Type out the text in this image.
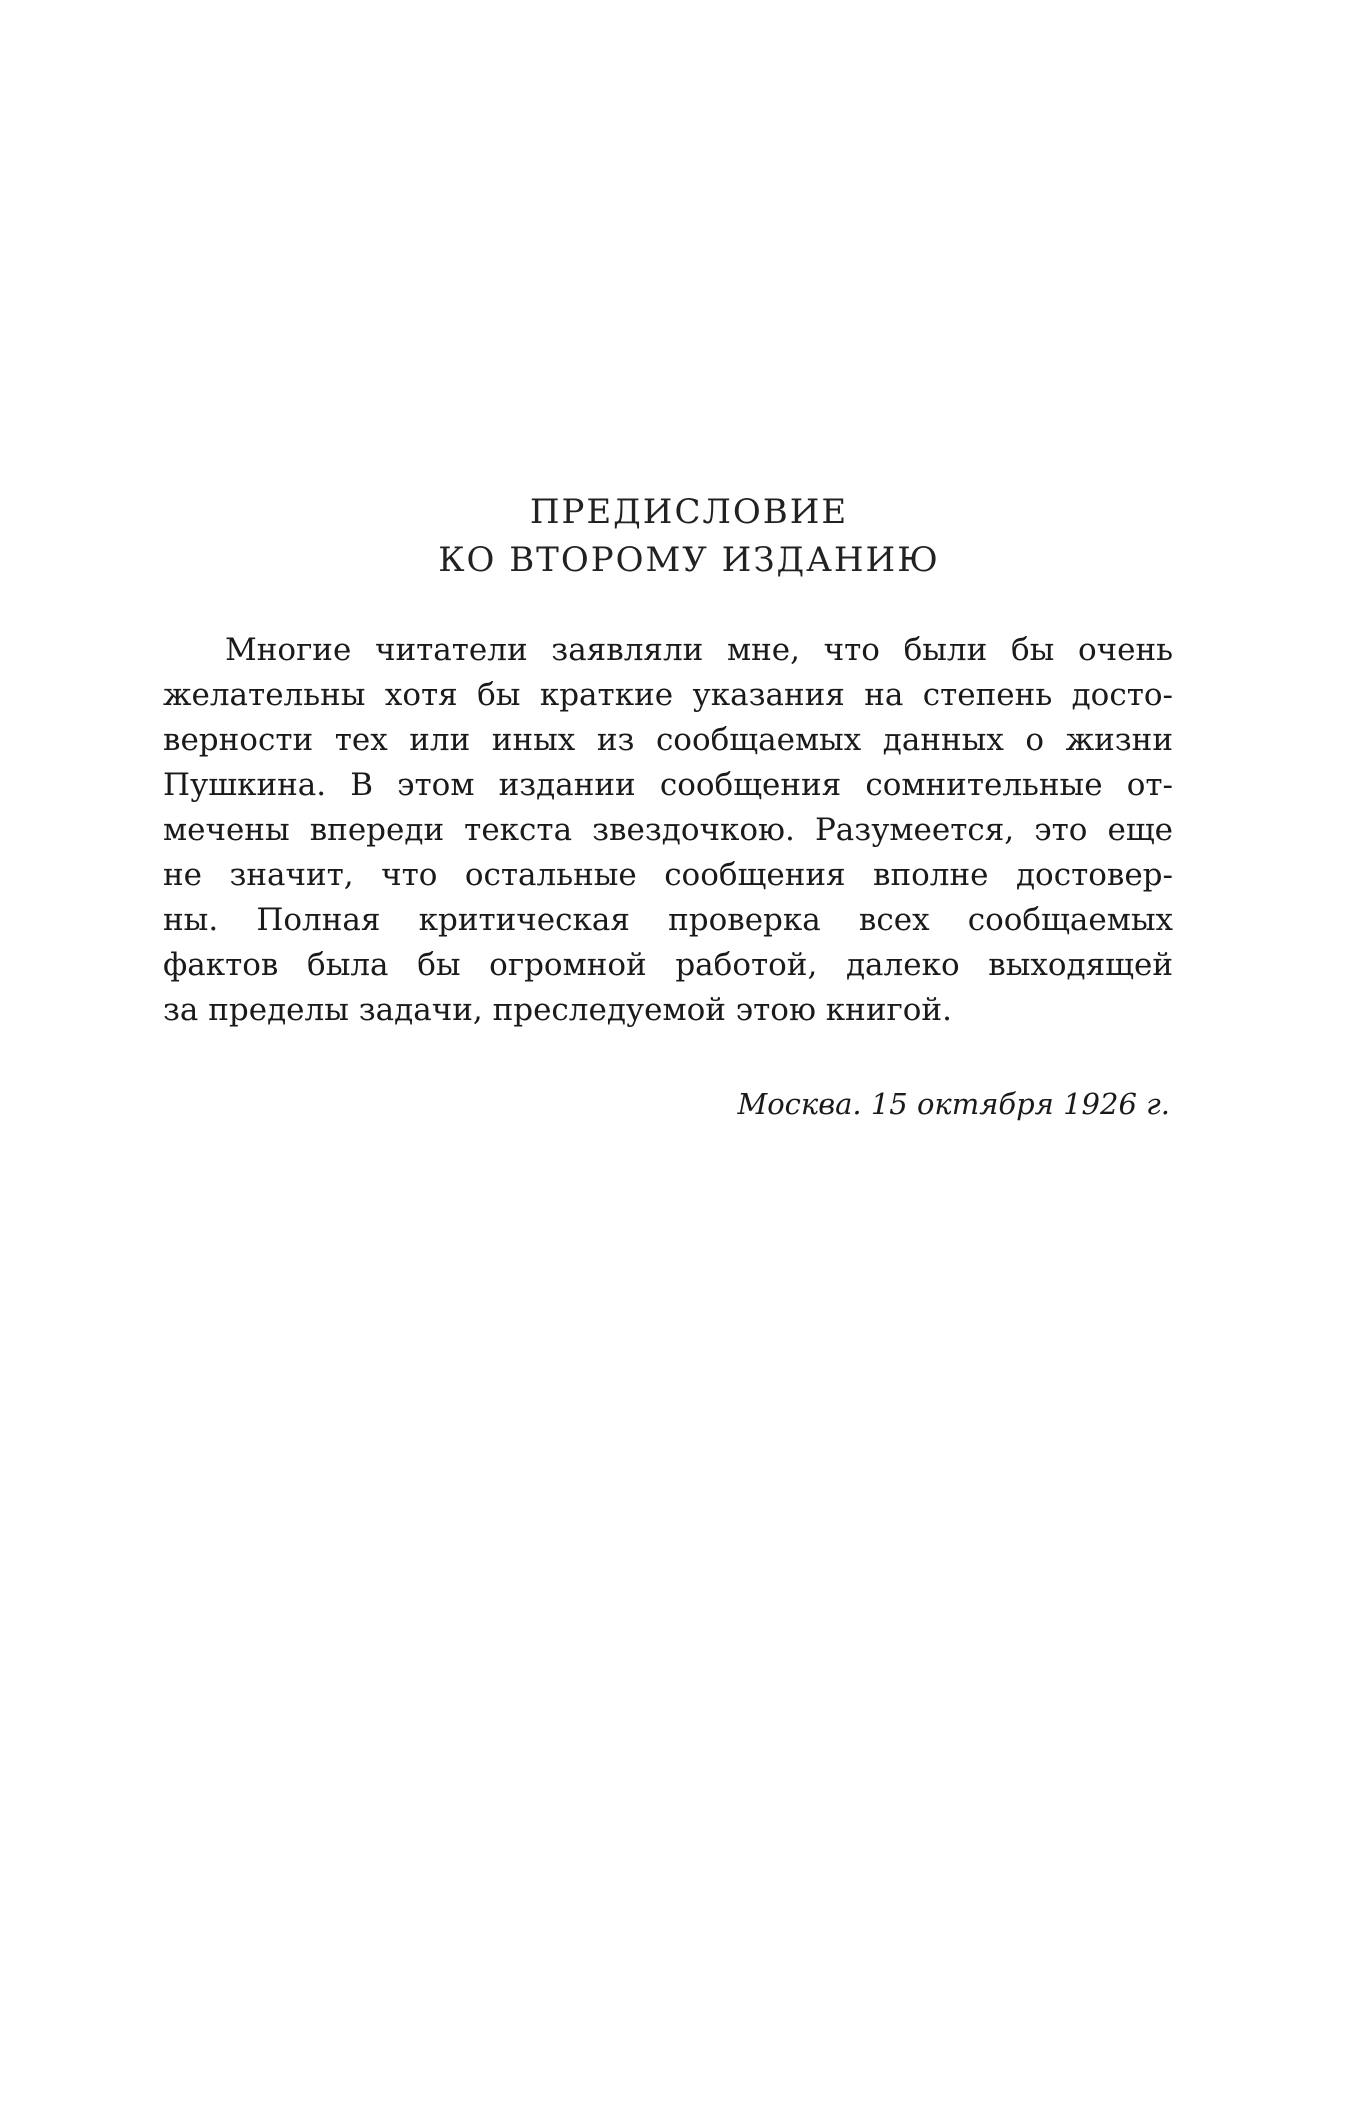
ПРЕДИСЛОВИЕ
КО ВТОРОМУ ИЗДАНИЮ
Многие читатели заявляли мне, что были бы очень
желательны хотя бы краткие указания на степень досто-
верности тех или иных из сообщаемых данных о жизни
Пушкина. В этом издании сообщения сомнительные от-
мечены впереди текста звездочкою. Разумеется, это еще
не значит, что остальные сообщения вполне достовер-
ны. Полная критическая проверка всех сообщаемых
фактов была бы огромной работой, далеко выходящей
за пределы задачи, преследуемой этою книгой.
Москва. 15 октября 1926 г.
